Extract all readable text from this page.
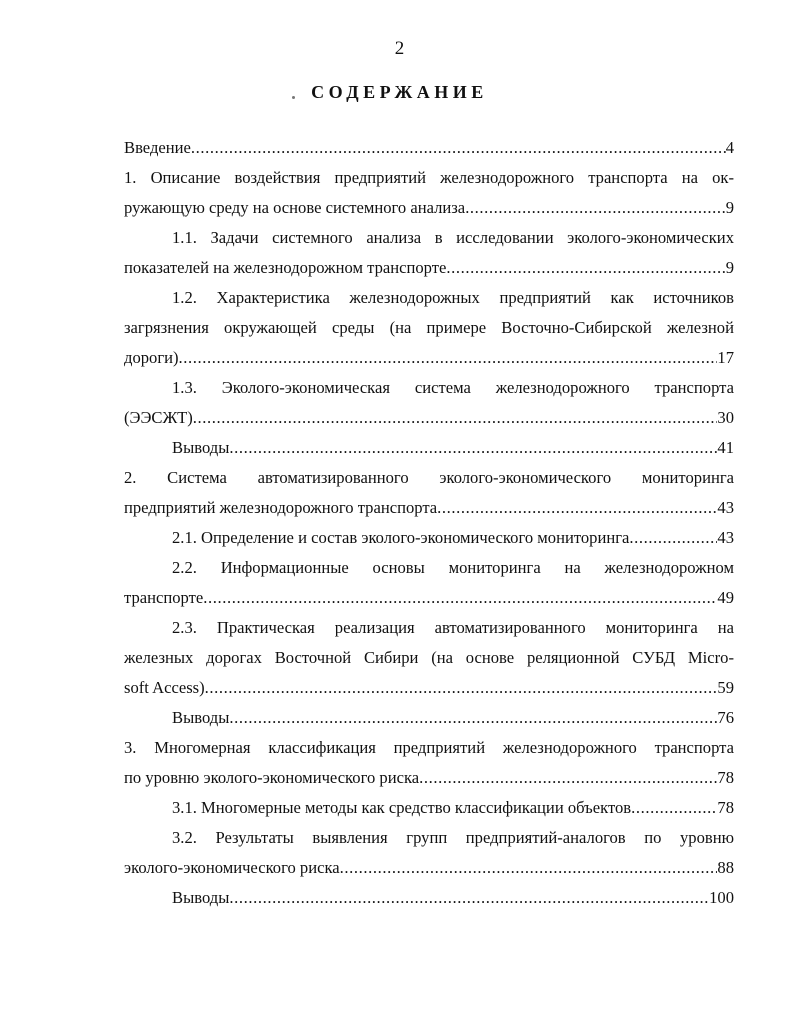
2
СОДЕРЖАНИЕ
Введение .....	4
1. Описание воздействия предприятий железнодорожного транспорта на ок-
ружающую среду на основе системного анализа .....	9
1.1. Задачи системного анализа в исследовании эколого-экономических
показателей на железнодорожном транспорте .....	9
1.2. Характеристика железнодорожных предприятий как источников
загрязнения окружающей среды (на примере Восточно-Сибирской железной
дороги) .....	17
1.3. Эколого-экономическая система железнодорожного транспорта
(ЭЭСЖТ) .....	30
Выводы .....	41
2. Система автоматизированного эколого-экономического мониторинга
предприятий железнодорожного транспорта .....	43
2.1. Определение и состав эколого-экономического мониторинга .....	43
2.2. Информационные основы мониторинга на железнодорожном
транспорте .....	49
2.3. Практическая реализация автоматизированного мониторинга на
железных дорогах Восточной Сибири (на основе реляционной СУБД Micro-
soft Access) .....	59
Выводы .....	76
3. Многомерная классификация предприятий железнодорожного транспорта
по уровню эколого-экономического риска .....	78
3.1. Многомерные методы как средство классификации объектов .....	78
3.2. Результаты выявления групп предприятий-аналогов по уровню
эколого-экономического риска .....	88
Выводы .....	100
